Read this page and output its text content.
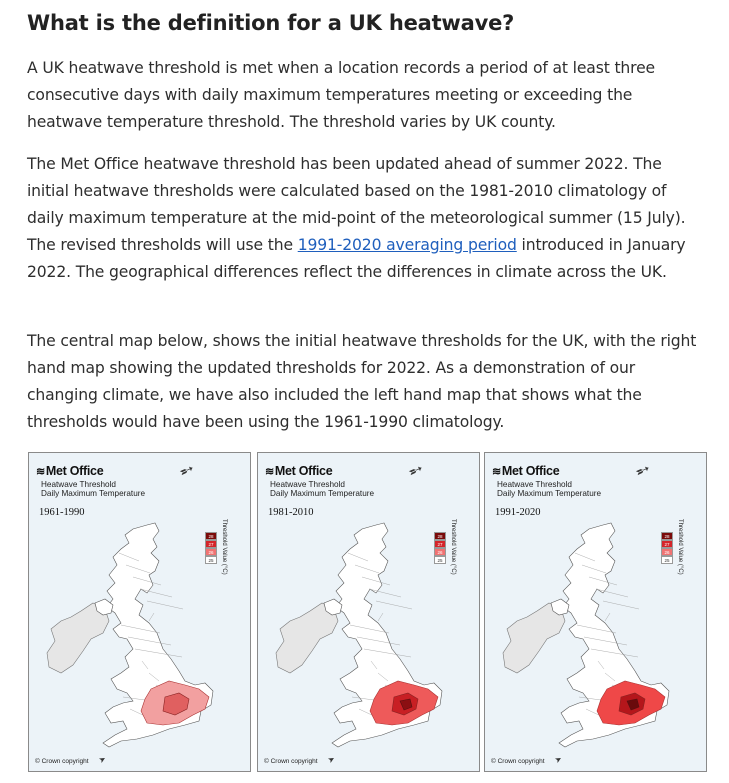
What is the definition for a UK heatwave?

A UK heatwave threshold is met when a location records a period of at least three consecutive days with daily maximum temperatures meeting or exceeding the heatwave temperature threshold. The threshold varies by UK county.

The Met Office heatwave threshold has been updated ahead of summer 2022. The initial heatwave thresholds were calculated based on the 1981-2010 climatology of daily maximum temperature at the mid-point of the meteorological summer (15 July). The revised thresholds will use the 1991-2020 averaging period introduced in January 2022. The geographical differences reflect the differences in climate across the UK.

The central map below, shows the initial heatwave thresholds for the UK, with the right hand map showing the updated thresholds for 2022. As a demonstration of our changing climate, we have also included the left hand map that shows what the thresholds would have been using the 1961-1990 climatology.

≋Met Office
Heatwave Threshold
Daily Maximum Temperature
1961-1990
➶
28
27
26
25	Threshold Value (°C)
© Crown copyright ➤
≋Met Office
Heatwave Threshold
Daily Maximum Temperature
1981-2010
➶
28
27
26
25	Threshold Value (°C)
© Crown copyright ➤
≋Met Office
Heatwave Threshold
Daily Maximum Temperature
1991-2020
➶
28
27
26
25	Threshold Value (°C)
© Crown copyright ➤
